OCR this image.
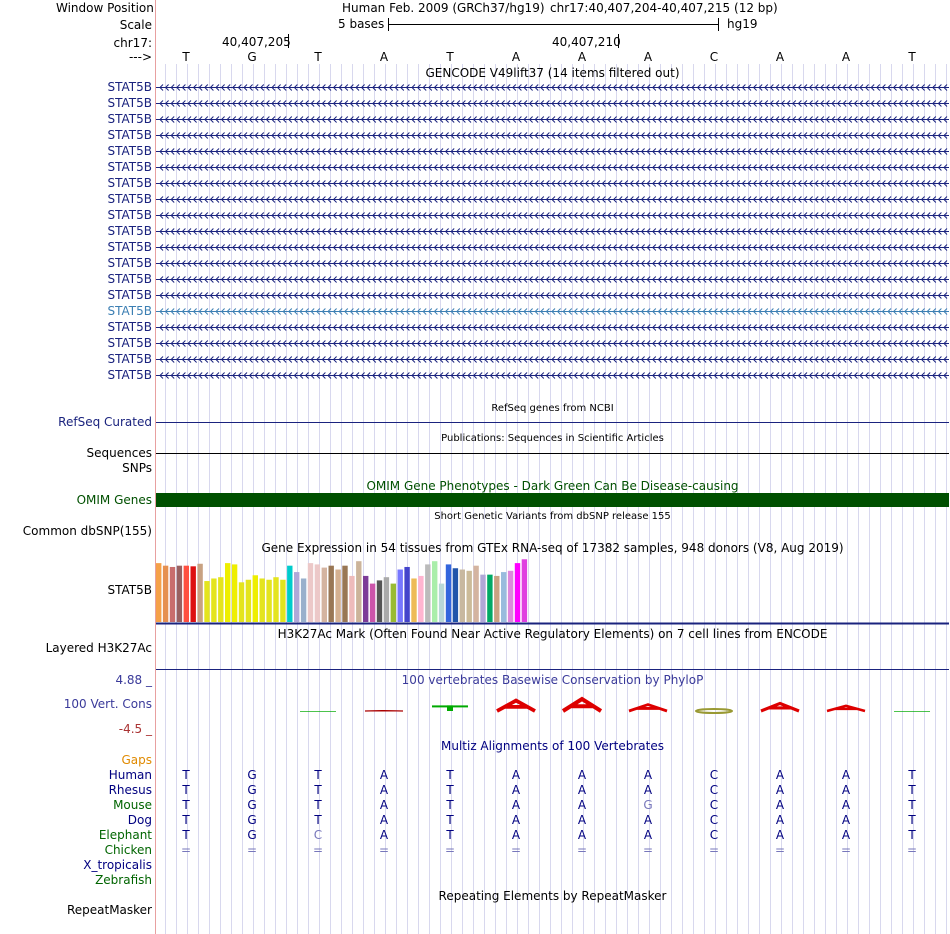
Window Position	Human Feb. 2009 (GRCh37/hg19) chr17:40,407,204-40,407,215 (12 bp)
Scale	5 bases	hg19
chr17:	40,407,205	40,407,210
--->	T	G	T	A	T	A	A	A	C	A	A	T
GENCODE V49lift37 (14 items filtered out)
STAT5B
STAT5B
STAT5B
STAT5B
STAT5B
STAT5B
STAT5B
STAT5B
STAT5B
STAT5B
STAT5B
STAT5B
STAT5B
STAT5B
STAT5B
STAT5B
STAT5B
STAT5B
STAT5B
RefSeq genes from NCBI
RefSeq Curated
Publications: Sequences in Scientific Articles
Sequences
SNPs
OMIM Gene Phenotypes - Dark Green Can Be Disease-causing
OMIM Genes
Short Genetic Variants from dbSNP release 155
Common dbSNP(155)
Gene Expression in 54 tissues from GTEx RNA-seq of 17382 samples, 948 donors (V8, Aug 2019)
STAT5B
H3K27Ac Mark (Often Found Near Active Regulatory Elements) on 7 cell lines from ENCODE
Layered H3K27Ac
100 vertebrates Basewise Conservation by PhyloP
4.88 _
100 Vert. Cons
-4.5 _
Multiz Alignments of 100 Vertebrates
Gaps
Human	T	G	T	A	T	A	A	A	C	A	A	T
Rhesus	T	G	T	A	T	A	A	A	C	A	A	T
Mouse	T	G	T	A	T	A	A	G	C	A	A	T
Dog	T	G	T	A	T	A	A	A	C	A	A	T
Elephant	T	G	C	A	T	A	A	A	C	A	A	T
Chicken	=	=	=	=	=	=	=	=	=	=	=	=
X_tropicalis
Zebrafish
Repeating Elements by RepeatMasker
RepeatMasker
